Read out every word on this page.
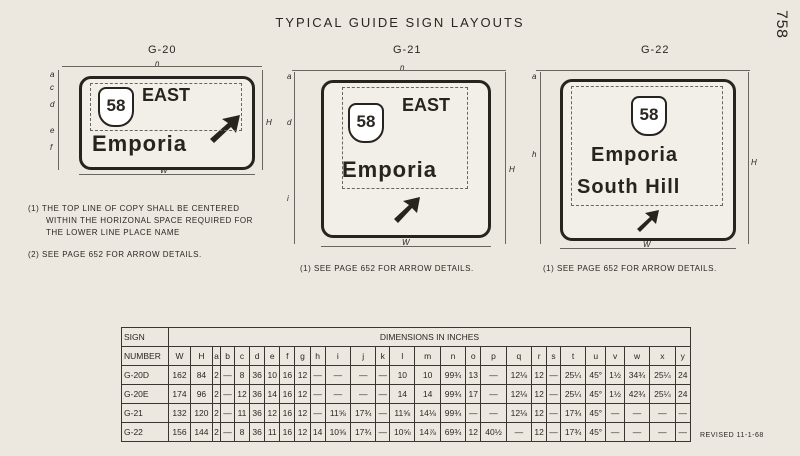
758
TYPICAL GUIDE SIGN LAYOUTS
G-20
58
EAST
Emporia
W
n
H
a
c
d
e
f
(1) THE TOP LINE OF COPY SHALL BE CENTERED
WITHIN THE HORIZONAL SPACE REQUIRED FOR
THE LOWER LINE PLACE NAME
(2) SEE PAGE 652 FOR ARROW DETAILS.
G-21
58
EAST
Emporia
W
n
H
a
d
i
(1) SEE PAGE 652 FOR ARROW DETAILS.
G-22
58
Emporia
South Hill
W
H
a
h
(1) SEE PAGE 652 FOR ARROW DETAILS.
SIGN	DIMENSIONS IN INCHES																										
NUMBER	W	H	a	b	c	d	e	f	g	h	i	j	k	l	m	n	o	p	q	r	s	t	u	v	w	x	y
G-20D	162	84	2	—	8	36	10	16	12	—	—	—	—	10	10	99¾	13	—	12⅛	12	—	25¼	45°	1½	34¾	25¼	24
G-20E	174	96	2	—	12	36	14	16	12	—	—	—	—	14	14	99¾	17	—	12⅛	12	—	25¼	45°	1½	42¾	25¼	24
G-21	132	120	2	—	11	36	12	16	12	—	11⅝	17¾	—	11⅝	14⅛	99¾	—	—	12⅛	12	—	17¾	45°	—	—	—	—
G-22	156	144	2	—	8	36	11	16	12	14	10⅝	17¾	—	10⅝	14⅞	69¾	12	40½	—	12	—	17¾	45°	—	—	—	— REVISED 11-1-68
